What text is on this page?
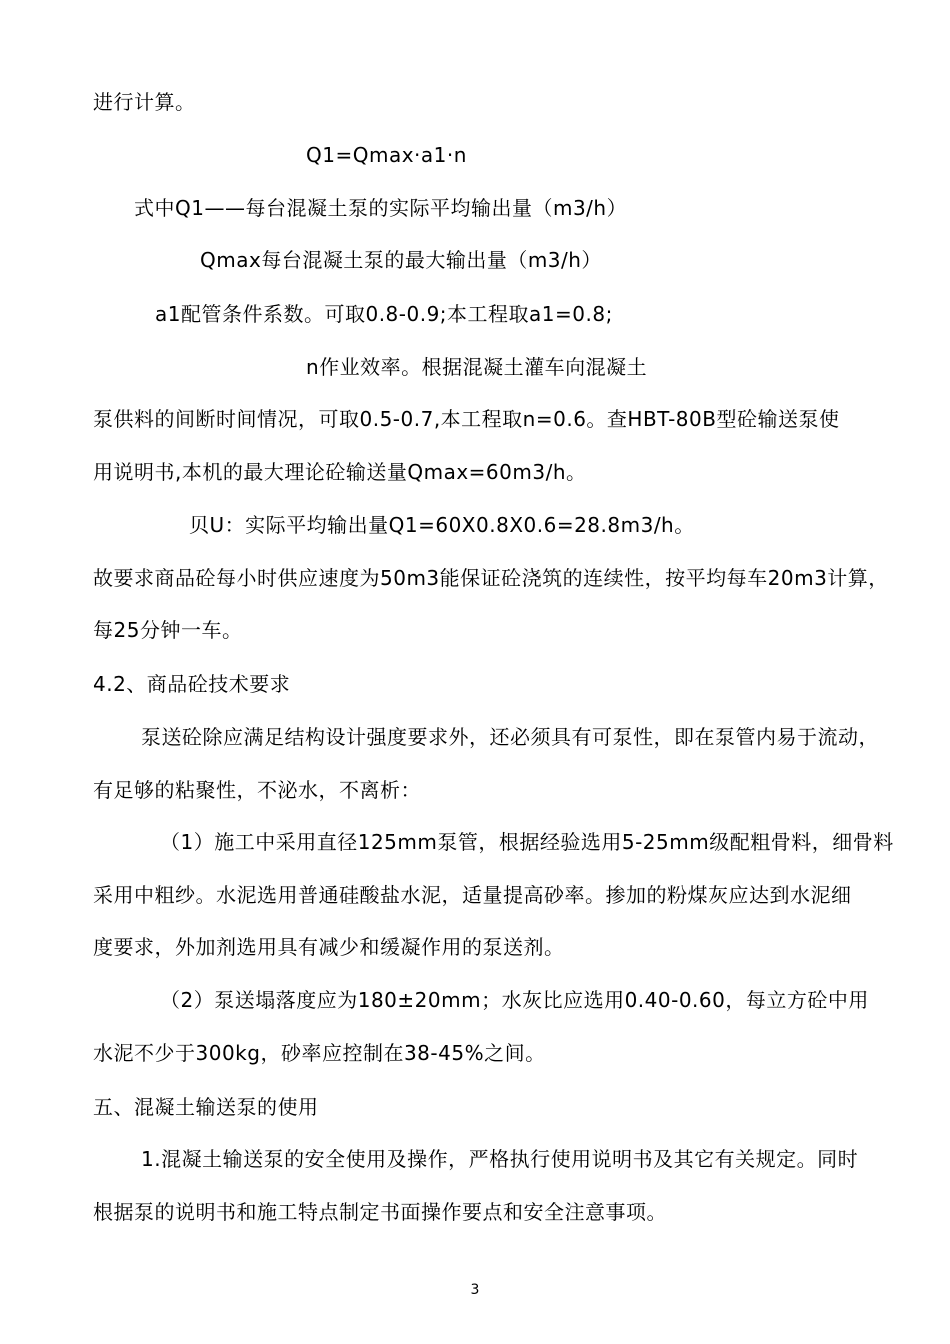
进行计算。
Q1=Qmax·a1·n
式中Q1——每台混凝土泵的实际平均输出量（m3/h）
Qmax每台混凝土泵的最大输出量（m3/h）
a1配管条件系数。可取0.8-0.9;本工程取a1=0.8;
n作业效率。根据混凝土灌车向混凝土
泵供料的间断时间情况，可取0.5-0.7,本工程取n=0.6。查HBT-80B型砼输送泵使
用说明书,本机的最大理论砼输送量Qmax=60m3/h。
贝U：实际平均输出量Q1=60X0.8X0.6=28.8m3/h。
故要求商品砼每小时供应速度为50m3能保证砼浇筑的连续性，按平均每车20m3计算，
每25分钟一车。
4.2、商品砼技术要求
泵送砼除应满足结构设计强度要求外，还必须具有可泵性，即在泵管内易于流动，
有足够的粘聚性，不泌水，不离析：
（1）施工中采用直径125mm泵管，根据经验选用5-25mm级配粗骨料，细骨料
采用中粗纱。水泥选用普通硅酸盐水泥，适量提高砂率。掺加的粉煤灰应达到水泥细
度要求，外加剂选用具有减少和缓凝作用的泵送剂。
（2）泵送塌落度应为180±20mm；水灰比应选用0.40-0.60，每立方砼中用
水泥不少于300kg，砂率应控制在38-45%之间。
五、混凝土输送泵的使用
1.混凝土输送泵的安全使用及操作，严格执行使用说明书及其它有关规定。同时
根据泵的说明书和施工特点制定书面操作要点和安全注意事项。
3
